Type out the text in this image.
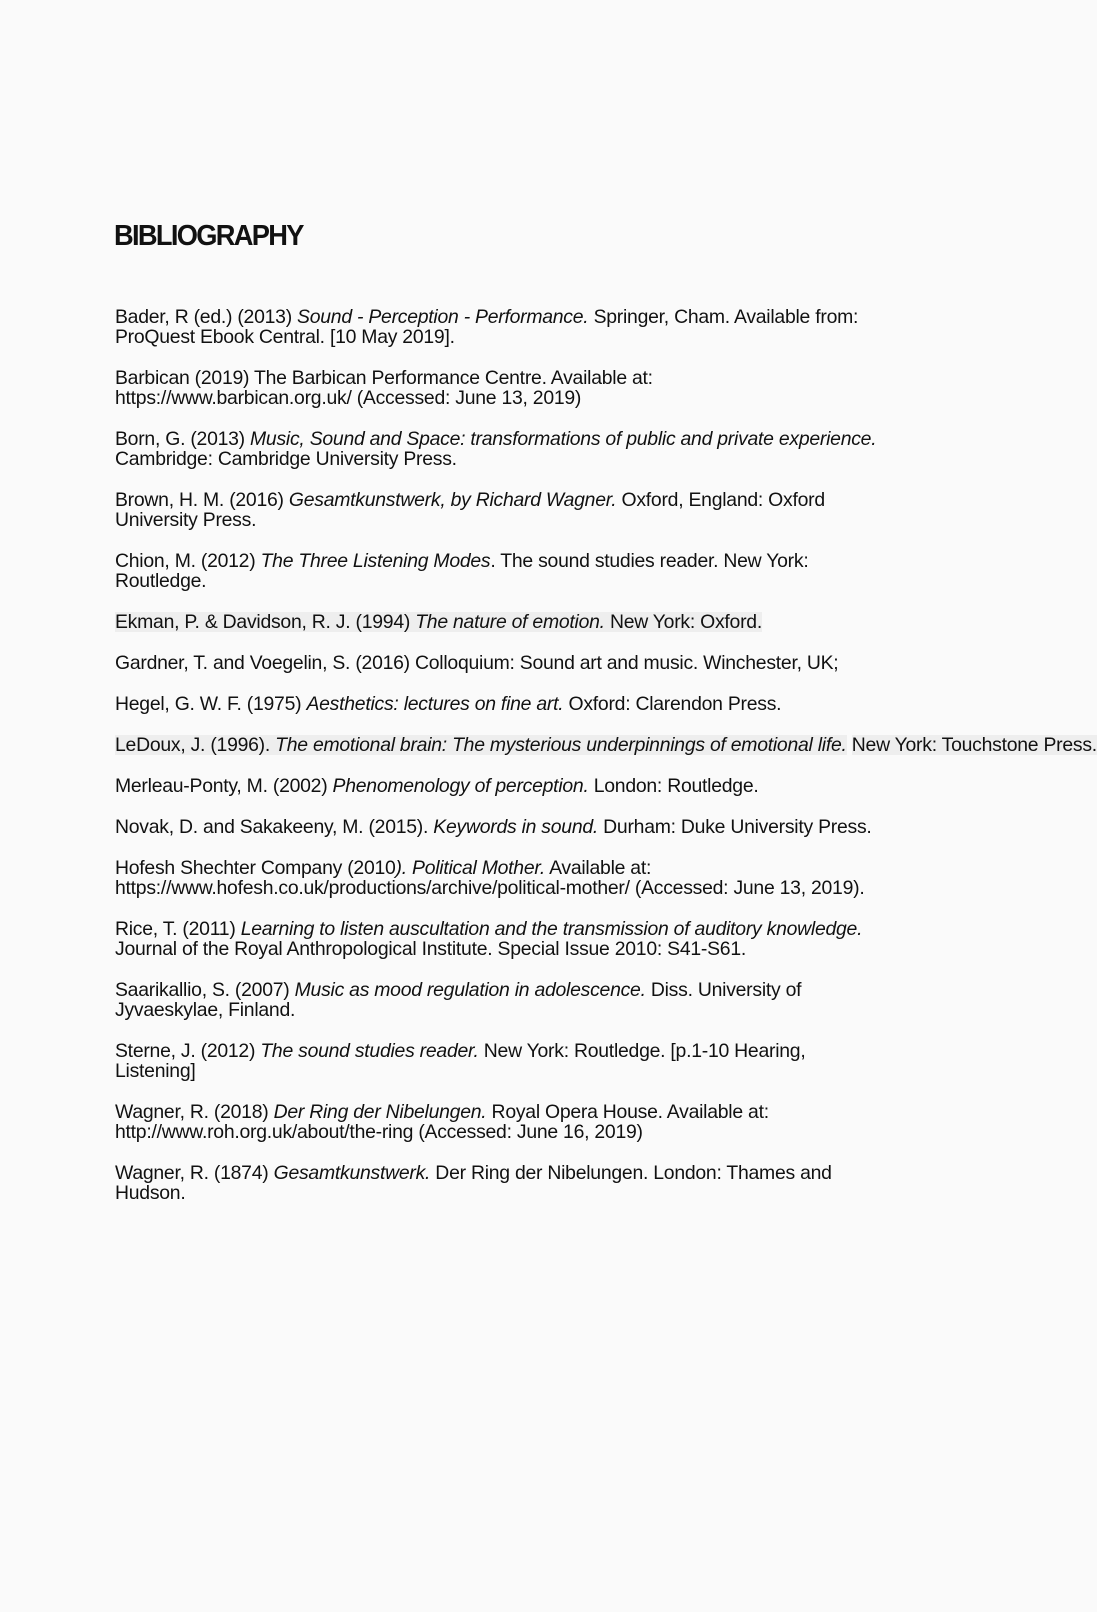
BIBLIOGRAPHY
Bader, R (ed.) (2013) Sound - Perception - Performance. Springer, Cham. Available from:
ProQuest Ebook Central. [10 May 2019].
Barbican (2019) The Barbican Performance Centre. Available at:
https://www.barbican.org.uk/ (Accessed: June 13, 2019)
Born, G. (2013) Music, Sound and Space: transformations of public and private experience.
Cambridge: Cambridge University Press.
Brown, H. M. (2016) Gesamtkunstwerk, by Richard Wagner. Oxford, England: Oxford
University Press.
Chion, M. (2012) The Three Listening Modes. The sound studies reader. New York:
Routledge.
Ekman, P. & Davidson, R. J. (1994) The nature of emotion. New York: Oxford.
Gardner, T. and Voegelin, S. (2016) Colloquium: Sound art and music. Winchester, UK;
Hegel, G. W. F. (1975) Aesthetics: lectures on fine art. Oxford: Clarendon Press.
LeDoux, J. (1996). The emotional brain: The mysterious underpinnings of emotional life. New York: Touchstone Press.
Merleau-Ponty, M. (2002) Phenomenology of perception. London: Routledge.
Novak, D. and Sakakeeny, M. (2015). Keywords in sound. Durham: Duke University Press.
Hofesh Shechter Company (2010). Political Mother. Available at:
https://www.hofesh.co.uk/productions/archive/political-mother/ (Accessed: June 13, 2019).
Rice, T. (2011) Learning to listen auscultation and the transmission of auditory knowledge.
Journal of the Royal Anthropological Institute. Special Issue 2010: S41-S61.
Saarikallio, S. (2007) Music as mood regulation in adolescence. Diss. University of
Jyvaeskylae, Finland.
Sterne, J. (2012) The sound studies reader. New York: Routledge. [p.1-10 Hearing,
Listening]
Wagner, R. (2018) Der Ring der Nibelungen. Royal Opera House. Available at:
http://www.roh.org.uk/about/the-ring (Accessed: June 16, 2019)
Wagner, R. (1874) Gesamtkunstwerk. Der Ring der Nibelungen. London: Thames and
Hudson.
